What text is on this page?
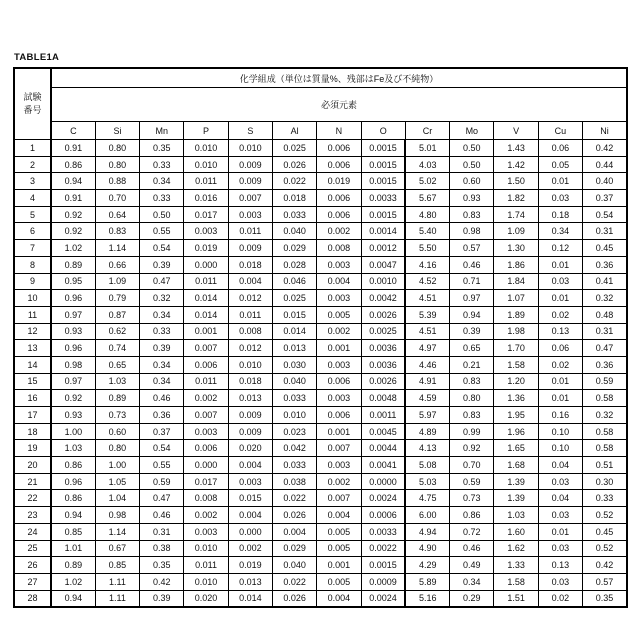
TABLE1A
試験
番号	化学組成（単位は質量%、残部はFe及び不純物）												
	必須元素												
	C	Si	Mn	P	S	Al	N	O	Cr	Mo	V	Cu	Ni
1	0.91	0.80	0.35	0.010	0.010	0.025	0.006	0.0015	5.01	0.50	1.43	0.06	0.42
2	0.86	0.80	0.33	0.010	0.009	0.026	0.006	0.0015	4.03	0.50	1.42	0.05	0.44
3	0.94	0.88	0.34	0.011	0.009	0.022	0.019	0.0015	5.02	0.60	1.50	0.01	0.40
4	0.91	0.70	0.33	0.016	0.007	0.018	0.006	0.0033	5.67	0.93	1.82	0.03	0.37
5	0.92	0.64	0.50	0.017	0.003	0.033	0.006	0.0015	4.80	0.83	1.74	0.18	0.54
6	0.92	0.83	0.55	0.003	0.011	0.040	0.002	0.0014	5.40	0.98	1.09	0.34	0.31
7	1.02	1.14	0.54	0.019	0.009	0.029	0.008	0.0012	5.50	0.57	1.30	0.12	0.45
8	0.89	0.66	0.39	0.000	0.018	0.028	0.003	0.0047	4.16	0.46	1.86	0.01	0.36
9	0.95	1.09	0.47	0.011	0.004	0.046	0.004	0.0010	4.52	0.71	1.84	0.03	0.41
10	0.96	0.79	0.32	0.014	0.012	0.025	0.003	0.0042	4.51	0.97	1.07	0.01	0.32
11	0.97	0.87	0.34	0.014	0.011	0.015	0.005	0.0026	5.39	0.94	1.89	0.02	0.48
12	0.93	0.62	0.33	0.001	0.008	0.014	0.002	0.0025	4.51	0.39	1.98	0.13	0.31
13	0.96	0.74	0.39	0.007	0.012	0.013	0.001	0.0036	4.97	0.65	1.70	0.06	0.47
14	0.98	0.65	0.34	0.006	0.010	0.030	0.003	0.0036	4.46	0.21	1.58	0.02	0.36
15	0.97	1.03	0.34	0.011	0.018	0.040	0.006	0.0026	4.91	0.83	1.20	0.01	0.59
16	0.92	0.89	0.46	0.002	0.013	0.033	0.003	0.0048	4.59	0.80	1.36	0.01	0.58
17	0.93	0.73	0.36	0.007	0.009	0.010	0.006	0.0011	5.97	0.83	1.95	0.16	0.32
18	1.00	0.60	0.37	0.003	0.009	0.023	0.001	0.0045	4.89	0.99	1.96	0.10	0.58
19	1.03	0.80	0.54	0.006	0.020	0.042	0.007	0.0044	4.13	0.92	1.65	0.10	0.58
20	0.86	1.00	0.55	0.000	0.004	0.033	0.003	0.0041	5.08	0.70	1.68	0.04	0.51
21	0.96	1.05	0.59	0.017	0.003	0.038	0.002	0.0000	5.03	0.59	1.39	0.03	0.30
22	0.86	1.04	0.47	0.008	0.015	0.022	0.007	0.0024	4.75	0.73	1.39	0.04	0.33
23	0.94	0.98	0.46	0.002	0.004	0.026	0.004	0.0006	6.00	0.86	1.03	0.03	0.52
24	0.85	1.14	0.31	0.003	0.000	0.004	0.005	0.0033	4.94	0.72	1.60	0.01	0.45
25	1.01	0.67	0.38	0.010	0.002	0.029	0.005	0.0022	4.90	0.46	1.62	0.03	0.52
26	0.89	0.85	0.35	0.011	0.019	0.040	0.001	0.0015	4.29	0.49	1.33	0.13	0.42
27	1.02	1.11	0.42	0.010	0.013	0.022	0.005	0.0009	5.89	0.34	1.58	0.03	0.57
28	0.94	1.11	0.39	0.020	0.014	0.026	0.004	0.0024	5.16	0.29	1.51	0.02	0.35
